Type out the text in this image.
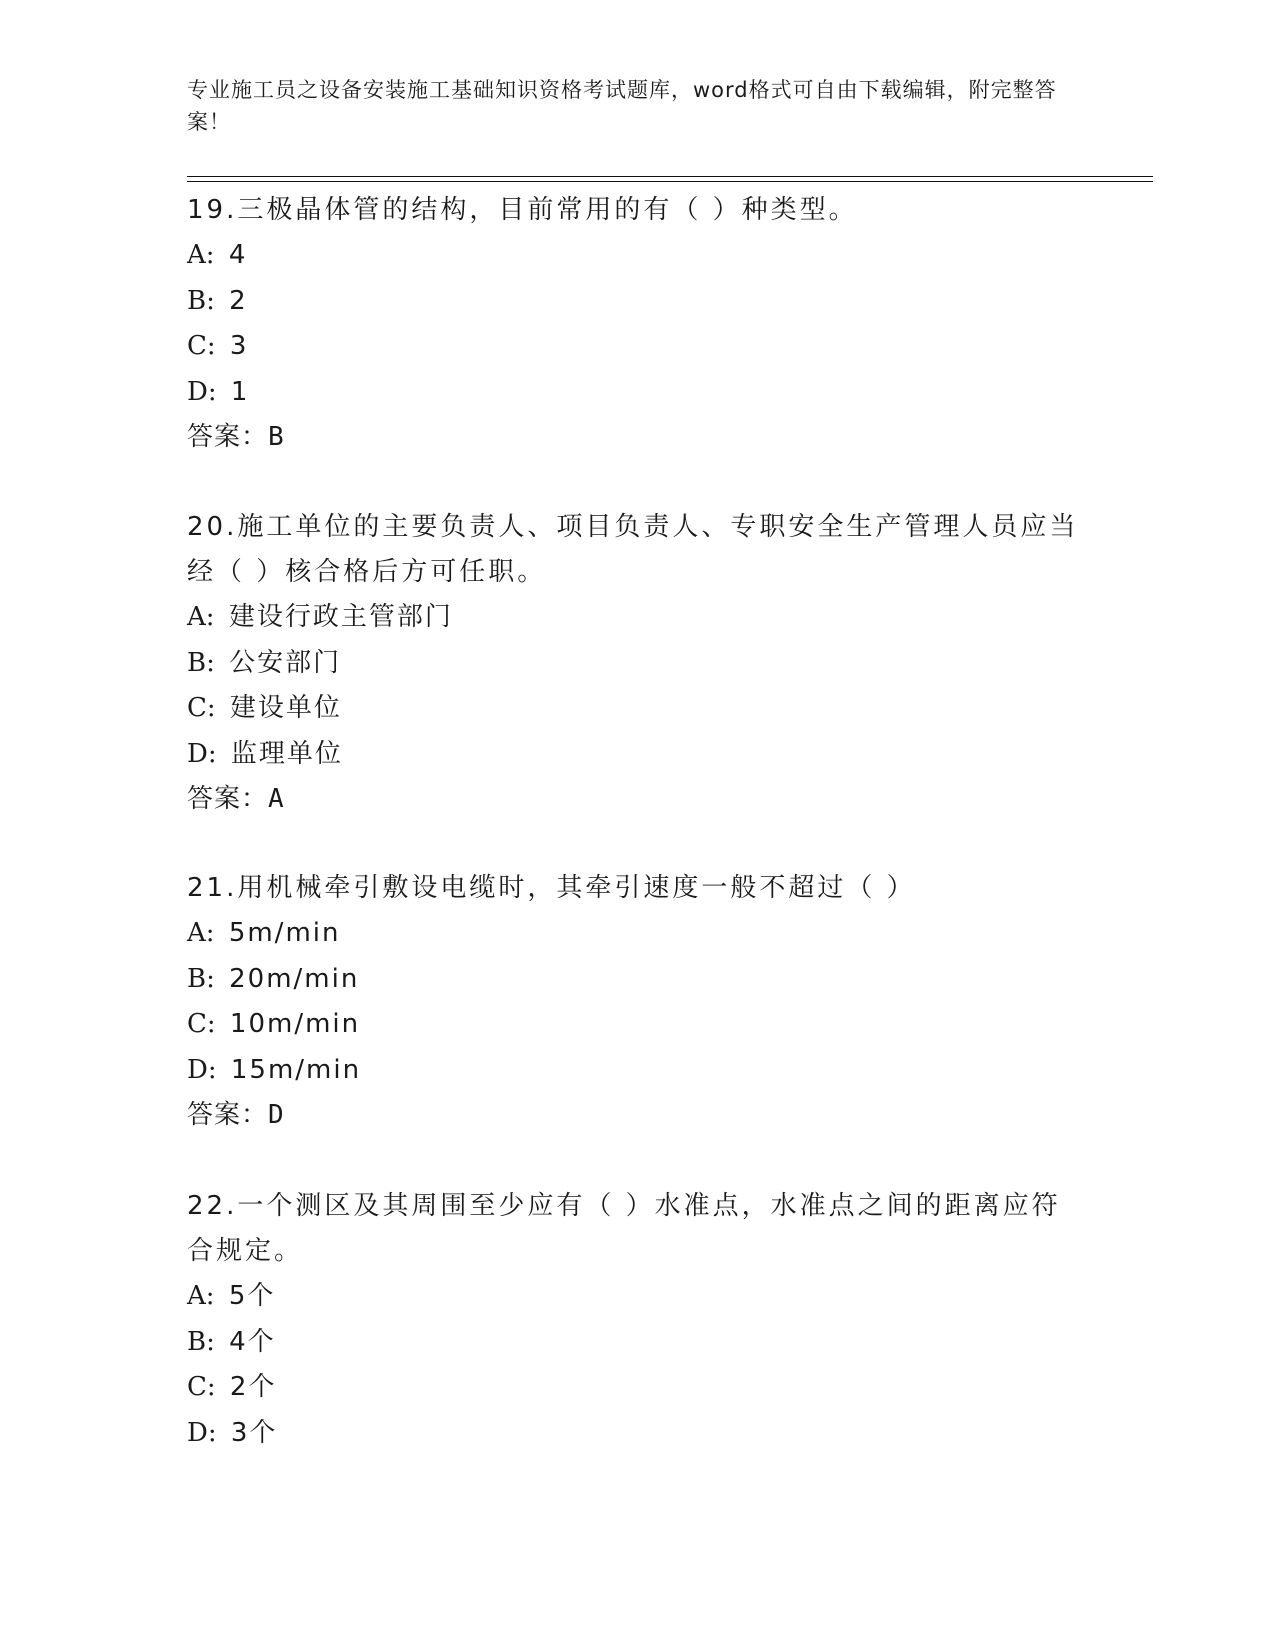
专业施工员之设备安装施工基础知识资格考试题库，word格式可自由下载编辑，附完整答案！
19.三极晶体管的结构，目前常用的有（ ）种类型。
A: 4
B: 2
C: 3
D: 1
答案：B
20.施工单位的主要负责人、项目负责人、专职安全生产管理人员应当经（ ）核合格后方可任职。
A: 建设行政主管部门
B: 公安部门
C: 建设单位
D: 监理单位
答案：A
21.用机械牵引敷设电缆时，其牵引速度一般不超过（ ）
A: 5m/min
B: 20m/min
C: 10m/min
D: 15m/min
答案：D
22.一个测区及其周围至少应有（ ）水准点，水准点之间的距离应符合规定。
A: 5个
B: 4个
C: 2个
D: 3个
